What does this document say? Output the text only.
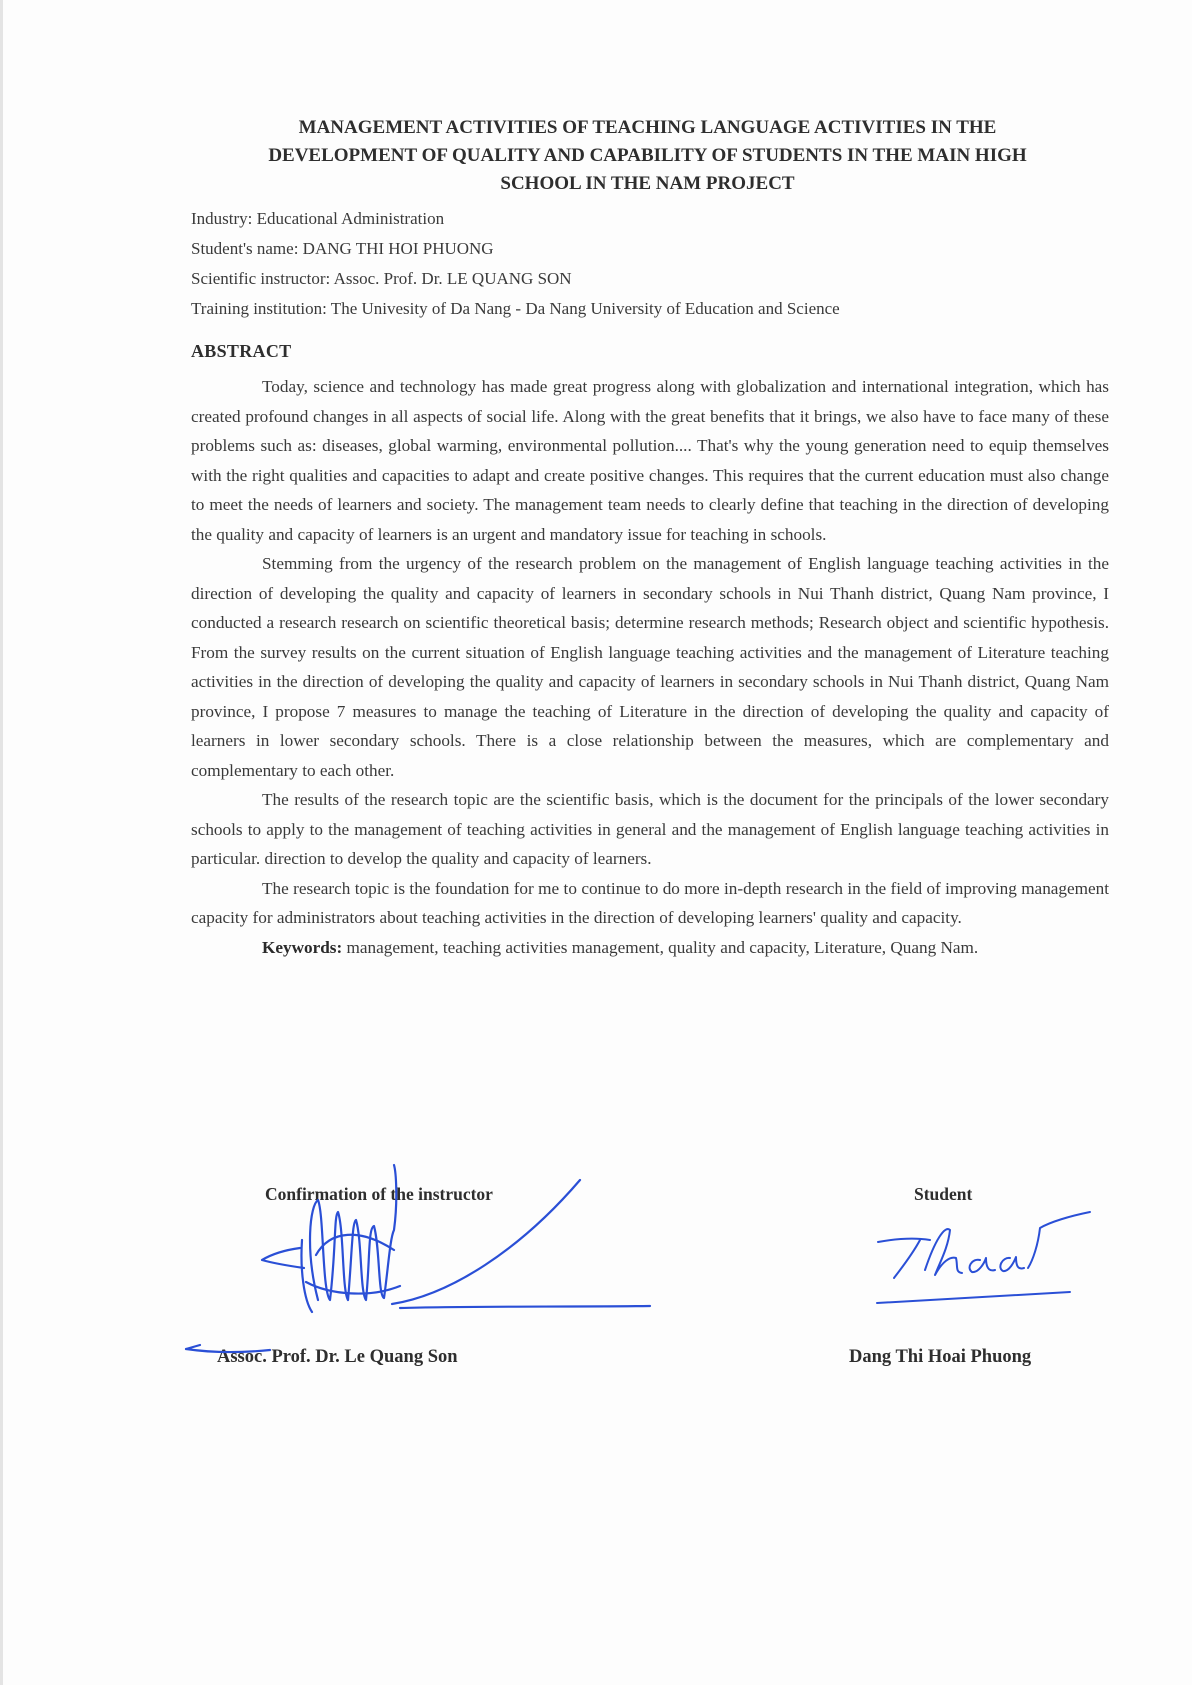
MANAGEMENT ACTIVITIES OF TEACHING LANGUAGE ACTIVITIES IN THE
DEVELOPMENT OF QUALITY AND CAPABILITY OF STUDENTS IN THE MAIN HIGH
SCHOOL IN THE NAM PROJECT
Industry: Educational Administration
Student's name: DANG THI HOI PHUONG
Scientific instructor: Assoc. Prof. Dr. LE QUANG SON
Training institution: The Univesity of Da Nang - Da Nang University of Education and Science
ABSTRACT

Today, science and technology has made great progress along with globalization and international integration, which has created profound changes in all aspects of social life. Along with the great benefits that it brings, we also have to face many of these problems such as: diseases, global warming, environmental pollution.... That's why the young generation need to equip themselves with the right qualities and capacities to adapt and create positive changes. This requires that the current education must also change to meet the needs of learners and society. The management team needs to clearly define that teaching in the direction of developing the quality and capacity of learners is an urgent and mandatory issue for teaching in schools.

Stemming from the urgency of the research problem on the management of English language teaching activities in the direction of developing the quality and capacity of learners in secondary schools in Nui Thanh district, Quang Nam province, I conducted a research research on scientific theoretical basis; determine research methods; Research object and scientific hypothesis. From the survey results on the current situation of English language teaching activities and the management of Literature teaching activities in the direction of developing the quality and capacity of learners in secondary schools in Nui Thanh district, Quang Nam province, I propose 7 measures to manage the teaching of Literature in the direction of developing the quality and capacity of learners in lower secondary schools. There is a close relationship between the measures, which are complementary and complementary to each other.

The results of the research topic are the scientific basis, which is the document for the principals of the lower secondary schools to apply to the management of teaching activities in general and the management of English language teaching activities in particular. direction to develop the quality and capacity of learners.

The research topic is the foundation for me to continue to do more in-depth research in the field of improving management capacity for administrators about teaching activities in the direction of developing learners' quality and capacity.

Keywords: management, teaching activities management, quality and capacity, Literature, Quang Nam.

Confirmation of the instructor	Student
Assoc. Prof. Dr. Le Quang Son	Dang Thi Hoai Phuong
